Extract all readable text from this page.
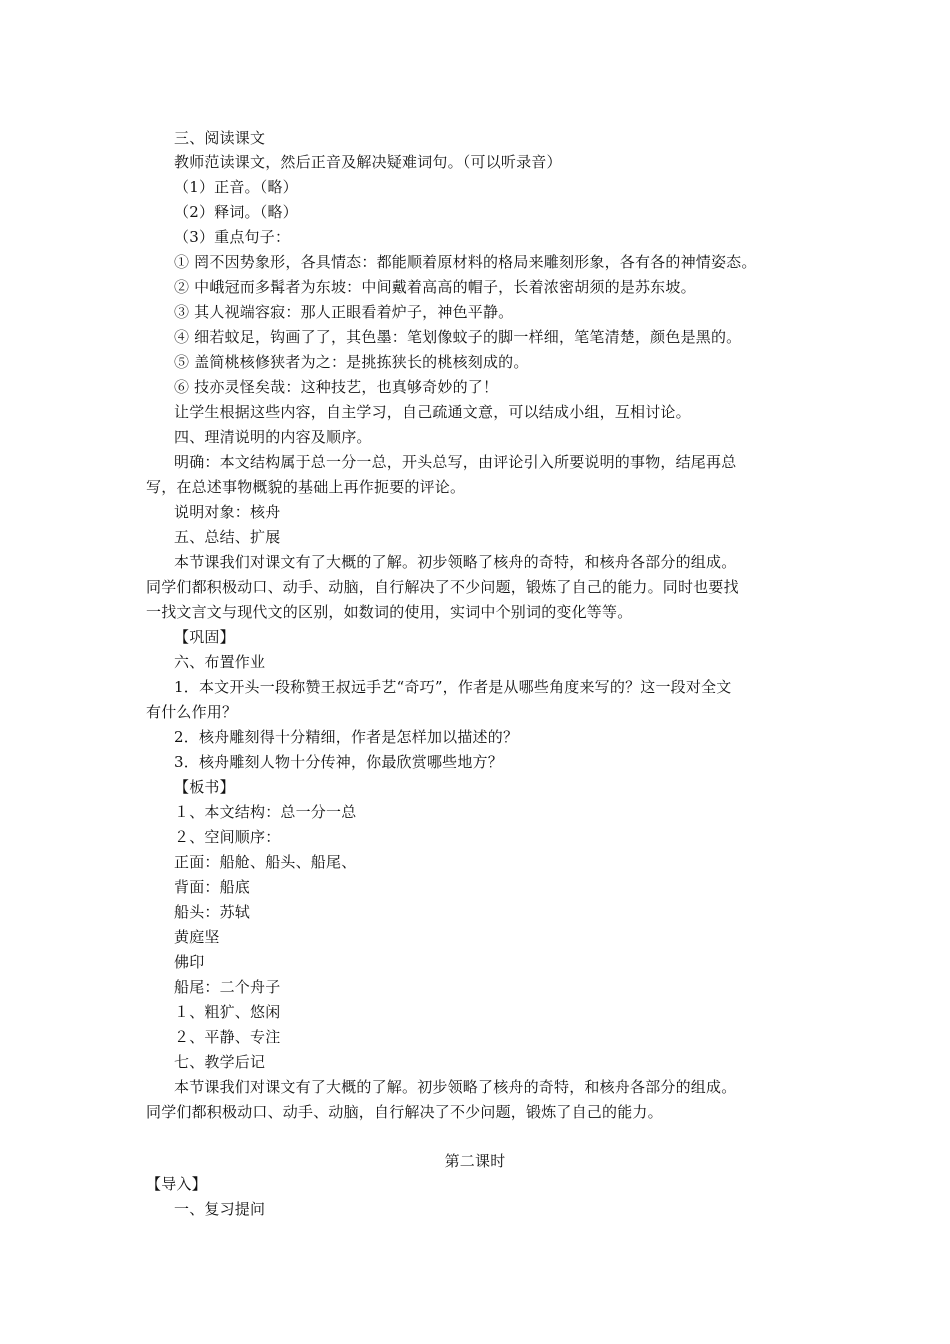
三、阅读课文
教师范读课文，然后正音及解决疑难词句。（可以听录音）
（1）正音。（略）
（2）释词。（略）
（3）重点句子：
① 罔不因势象形，各具情态：都能顺着原材料的格局来雕刻形象，各有各的神情姿态。
② 中峨冠而多髯者为东坡：中间戴着高高的帽子，长着浓密胡须的是苏东坡。
③ 其人视端容寂：那人正眼看着炉子，神色平静。
④ 细若蚊足，钩画了了，其色墨：笔划像蚊子的脚一样细，笔笔清楚，颜色是黑的。
⑤ 盖简桃核修狭者为之：是挑拣狭长的桃核刻成的。
⑥ 技亦灵怪矣哉：这种技艺，也真够奇妙的了！
让学生根据这些内容，自主学习，自己疏通文意，可以结成小组，互相讨论。
四、理清说明的内容及顺序。
明确：本文结构属于总一分一总，开头总写，由评论引入所要说明的事物，结尾再总
写，在总述事物概貌的基础上再作扼要的评论。
说明对象：核舟
五、总结、扩展
本节课我们对课文有了大概的了解。初步领略了核舟的奇特，和核舟各部分的组成。
同学们都积极动口、动手、动脑，自行解决了不少问题，锻炼了自己的能力。同时也要找
一找文言文与现代文的区别，如数词的使用，实词中个别词的变化等等。
【巩固】
六、布置作业
1．本文开头一段称赞王叔远手艺“奇巧”，作者是从哪些角度来写的？这一段对全文
有什么作用？
2．核舟雕刻得十分精细，作者是怎样加以描述的？
3．核舟雕刻人物十分传神，你最欣赏哪些地方？
【板书】
１、本文结构：总一分一总
２、空间顺序：
正面：船舱、船头、船尾、
背面：船底
船头：苏轼
黄庭坚
佛印
船尾：二个舟子
１、粗犷、悠闲
２、平静、专注
七、教学后记
本节课我们对课文有了大概的了解。初步领略了核舟的奇特，和核舟各部分的组成。
同学们都积极动口、动手、动脑，自行解决了不少问题，锻炼了自己的能力。
第二课时
【导入】
一、复习提问
